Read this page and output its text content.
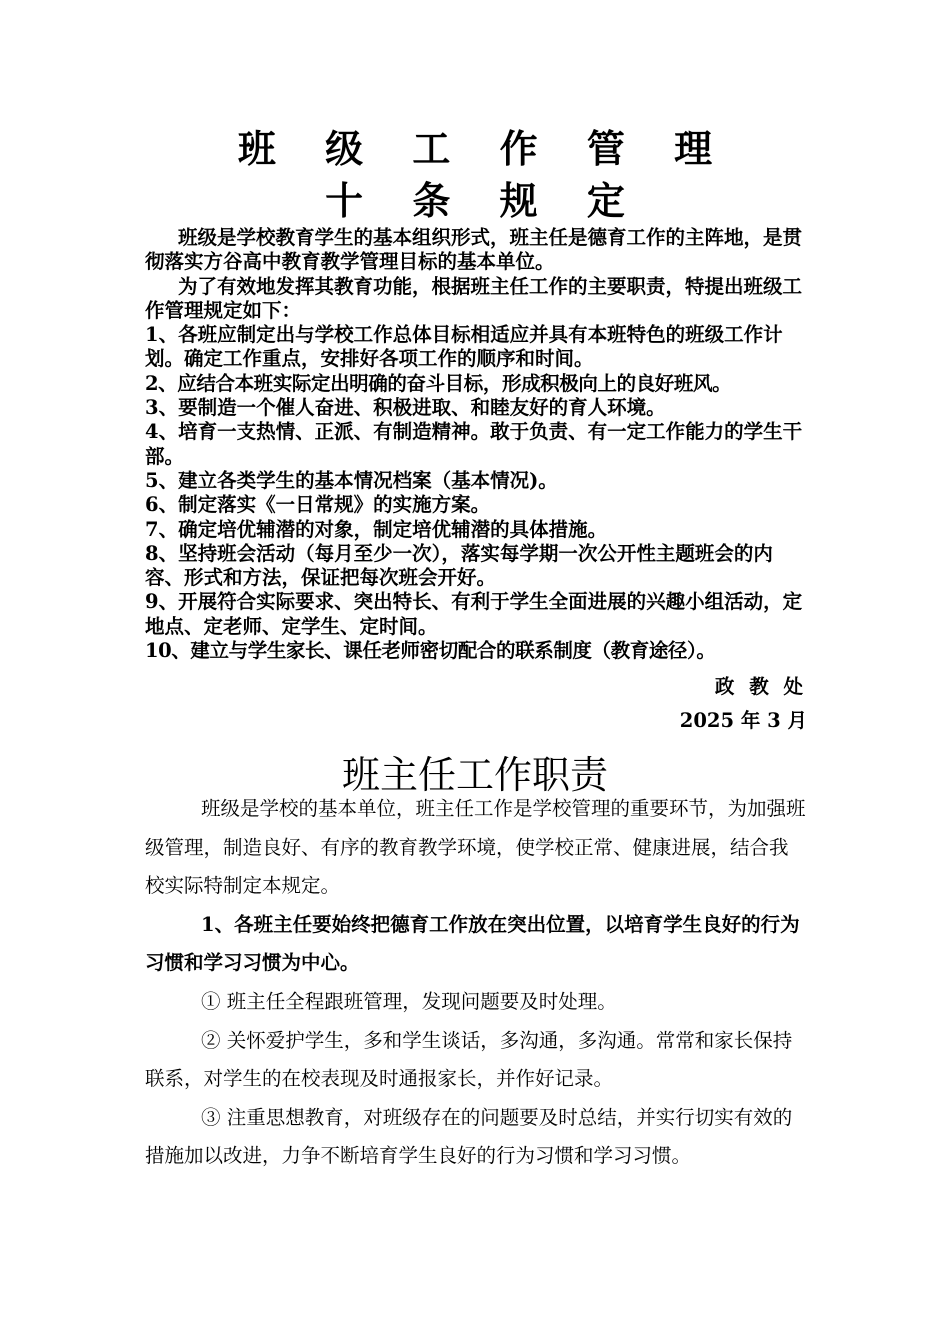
班 级 工 作 管 理
十 条 规 定

班级是学校教育学生的基本组织形式，班主任是德育工作的主阵地，是贯彻落实方谷高中教育教学管理目标的基本单位。

为了有效地发挥其教育功能，根据班主任工作的主要职责，特提出班级工作管理规定如下：

1、各班应制定出与学校工作总体目标相适应并具有本班特色的班级工作计划。确定工作重点，安排好各项工作的顺序和时间。

2、应结合本班实际定出明确的奋斗目标，形成积极向上的良好班风。

3、要制造一个催人奋进、积极进取、和睦友好的育人环境。

4、培育一支热情、正派、有制造精神。敢于负责、有一定工作能力的学生干部。

5、建立各类学生的基本情况档案（基本情况)。

6、制定落实《一日常规》的实施方案。

7、确定培优辅潜的对象，制定培优辅潜的具体措施。

8、坚持班会活动（每月至少一次），落实每学期一次公开性主题班会的内容、形式和方法，保证把每次班会开好。

9、开展符合实际要求、突出特长、有利于学生全面进展的兴趣小组活动，定地点、定老师、定学生、定时间。

10、建立与学生家长、课任老师密切配合的联系制度（教育途径）。

政 教 处
2025 年 3 月
班主任工作职责

班级是学校的基本单位，班主任工作是学校管理的重要环节，为加强班级管理，制造良好、有序的教育教学环境，使学校正常、健康进展，结合我校实际特制定本规定。

1、各班主任要始终把德育工作放在突出位置，以培育学生良好的行为习惯和学习习惯为中心。

① 班主任全程跟班管理，发现问题要及时处理。

② 关怀爱护学生，多和学生谈话，多沟通，多沟通。常常和家长保持联系，对学生的在校表现及时通报家长，并作好记录。

③ 注重思想教育，对班级存在的问题要及时总结，并实行切实有效的措施加以改进，力争不断培育学生良好的行为习惯和学习习惯。
